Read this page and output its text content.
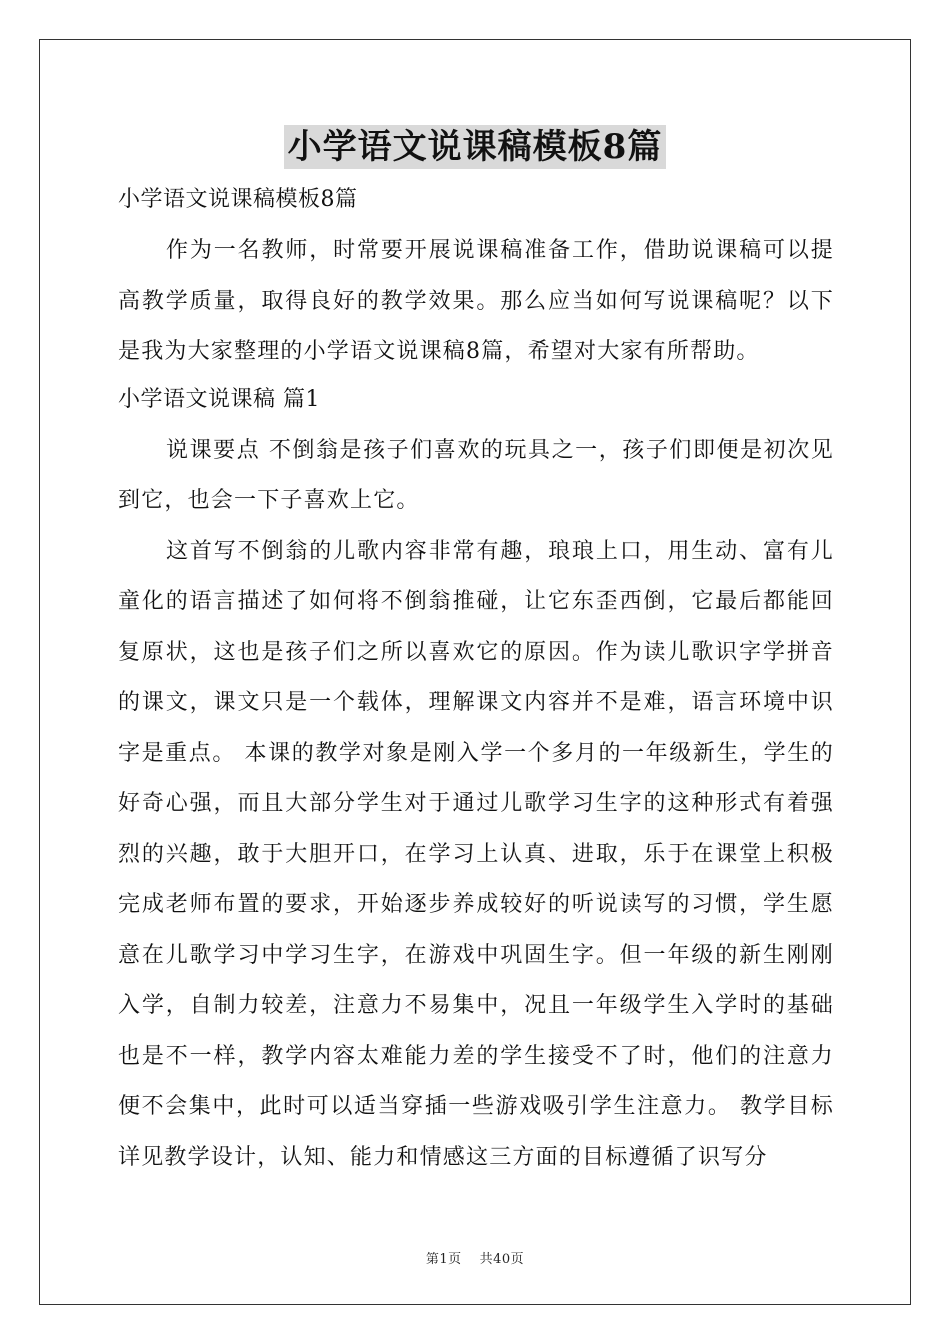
小学语文说课稿模板8篇

小学语文说课稿模板8篇

作为一名教师，时常要开展说课稿准备工作，借助说课稿可以提高教学质量，取得良好的教学效果。那么应当如何写说课稿呢？以下是我为大家整理的小学语文说课稿8篇，希望对大家有所帮助。

小学语文说课稿 篇1

说课要点 不倒翁是孩子们喜欢的玩具之一，孩子们即便是初次见到它，也会一下子喜欢上它。

这首写不倒翁的儿歌内容非常有趣，琅琅上口，用生动、富有儿童化的语言描述了如何将不倒翁推碰，让它东歪西倒，它最后都能回复原状，这也是孩子们之所以喜欢它的原因。作为读儿歌识字学拼音的课文，课文只是一个载体，理解课文内容并不是难，语言环境中识字是重点。 本课的教学对象是刚入学一个多月的一年级新生，学生的好奇心强，而且大部分学生对于通过儿歌学习生字的这种形式有着强烈的兴趣，敢于大胆开口，在学习上认真、进取，乐于在课堂上积极完成老师布置的要求，开始逐步养成较好的听说读写的习惯，学生愿意在儿歌学习中学习生字，在游戏中巩固生字。但一年级的新生刚刚入学，自制力较差，注意力不易集中，况且一年级学生入学时的基础也是不一样，教学内容太难能力差的学生接受不了时，他们的注意力便不会集中，此时可以适当穿插一些游戏吸引学生注意力。 教学目标详见教学设计，认知、能力和情感这三方面的目标遵循了识写分

第1页 共40页
